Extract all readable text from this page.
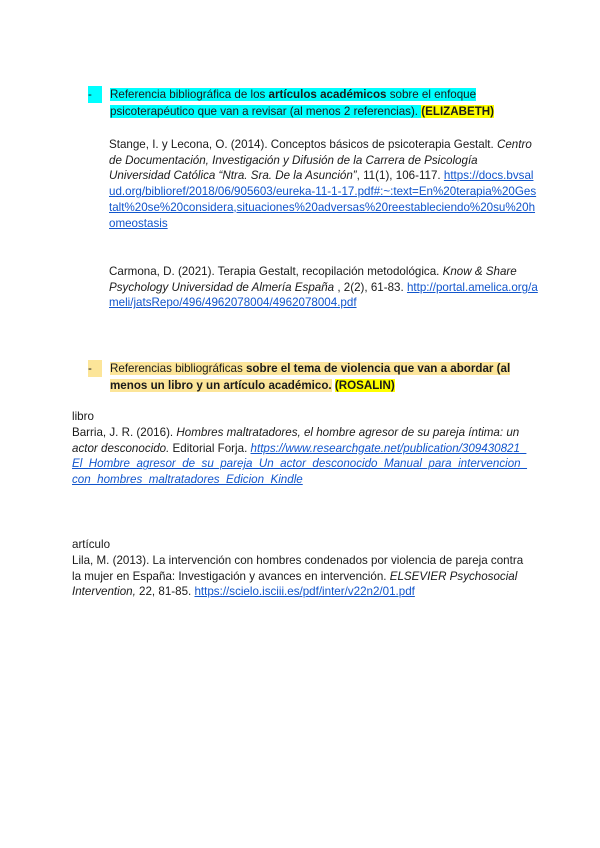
-	Referencia bibliográfica de los artículos académicos sobre el enfoque psicoterapéutico que van a revisar (al menos 2 referencias). (ELIZABETH)
Stange, I. y Lecona, O. (2014). Conceptos básicos de psicoterapia Gestalt. Centro de Documentación, Investigación y Difusión de la Carrera de Psicología Universidad Católica “Ntra. Sra. De la Asunción”, 11(1), 106-117. https://docs.bvsalud.org/biblioref/2018/06/905603/eureka-11-1-17.pdf#:~:text=En%20terapia%20Gestalt%20se%20considera,situaciones%20adversas%20reestableciendo%20su%20homeostasis
Carmona, D. (2021). Terapia Gestalt, recopilación metodológica. Know & Share Psychology Universidad de Almería España , 2(2), 61-83. http://portal.amelica.org/ameli/jatsRepo/496/4962078004/4962078004.pdf
-	Referencias bibliográficas sobre el tema de violencia que van a abordar (al menos un libro y un artículo académico. (ROSALIN)
libro
Barria, J. R. (2016). Hombres maltratadores, el hombre agresor de su pareja íntima: un actor desconocido. Editorial Forja. https://www.researchgate.net/publication/309430821_El_Hombre_agresor_de_su_pareja_Un_actor_desconocido_Manual_para_intervencion_con_hombres_maltratadores_Edicion_Kindle
artículo
Lila, M. (2013). La intervención con hombres condenados por violencia de pareja contra la mujer en España: Investigación y avances en intervención. ELSEVIER Psychosocial Intervention, 22, 81-85. https://scielo.isciii.es/pdf/inter/v22n2/01.pdf
